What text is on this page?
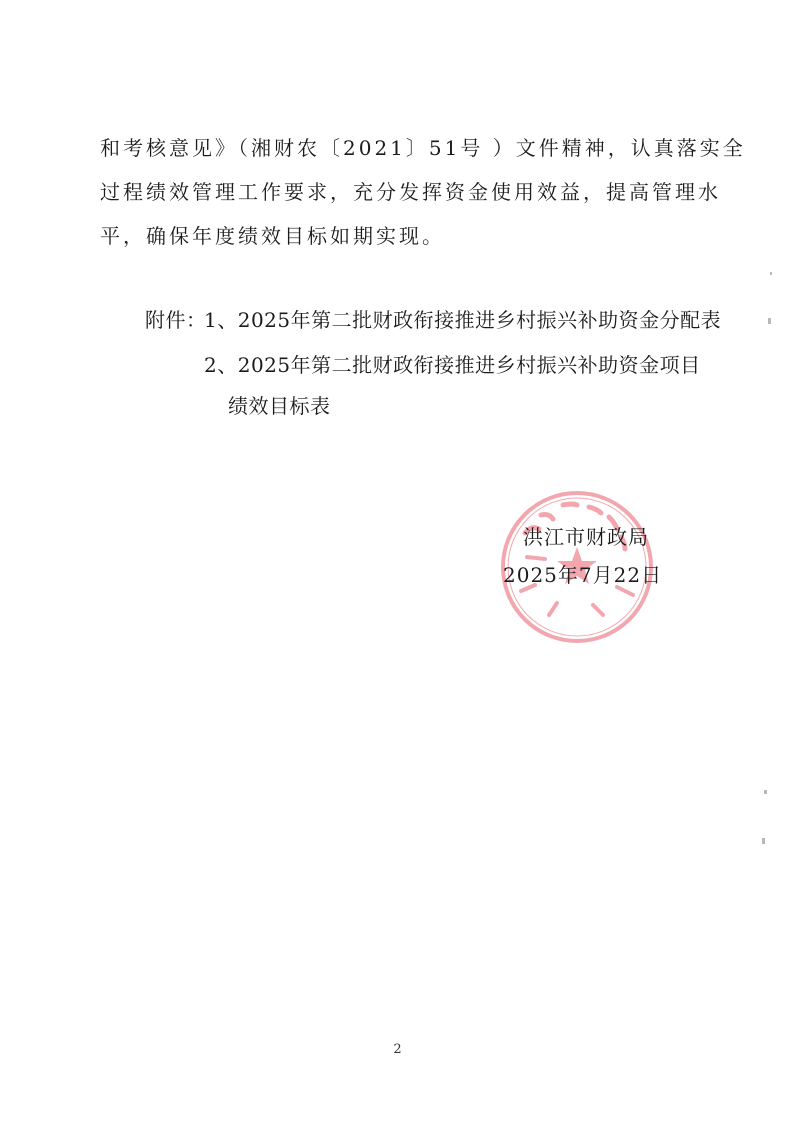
和考核意见》（湘财农〔2021〕51号 ）文件精神，认真落实全
过程绩效管理工作要求，充分发挥资金使用效益，提高管理水
平，确保年度绩效目标如期实现。
附件：
1、2025年第二批财政衔接推进乡村振兴补助资金分配表
2、2025年第二批财政衔接推进乡村振兴补助资金项目
绩效目标表
洪江市财政局
2025年7月22日
2
